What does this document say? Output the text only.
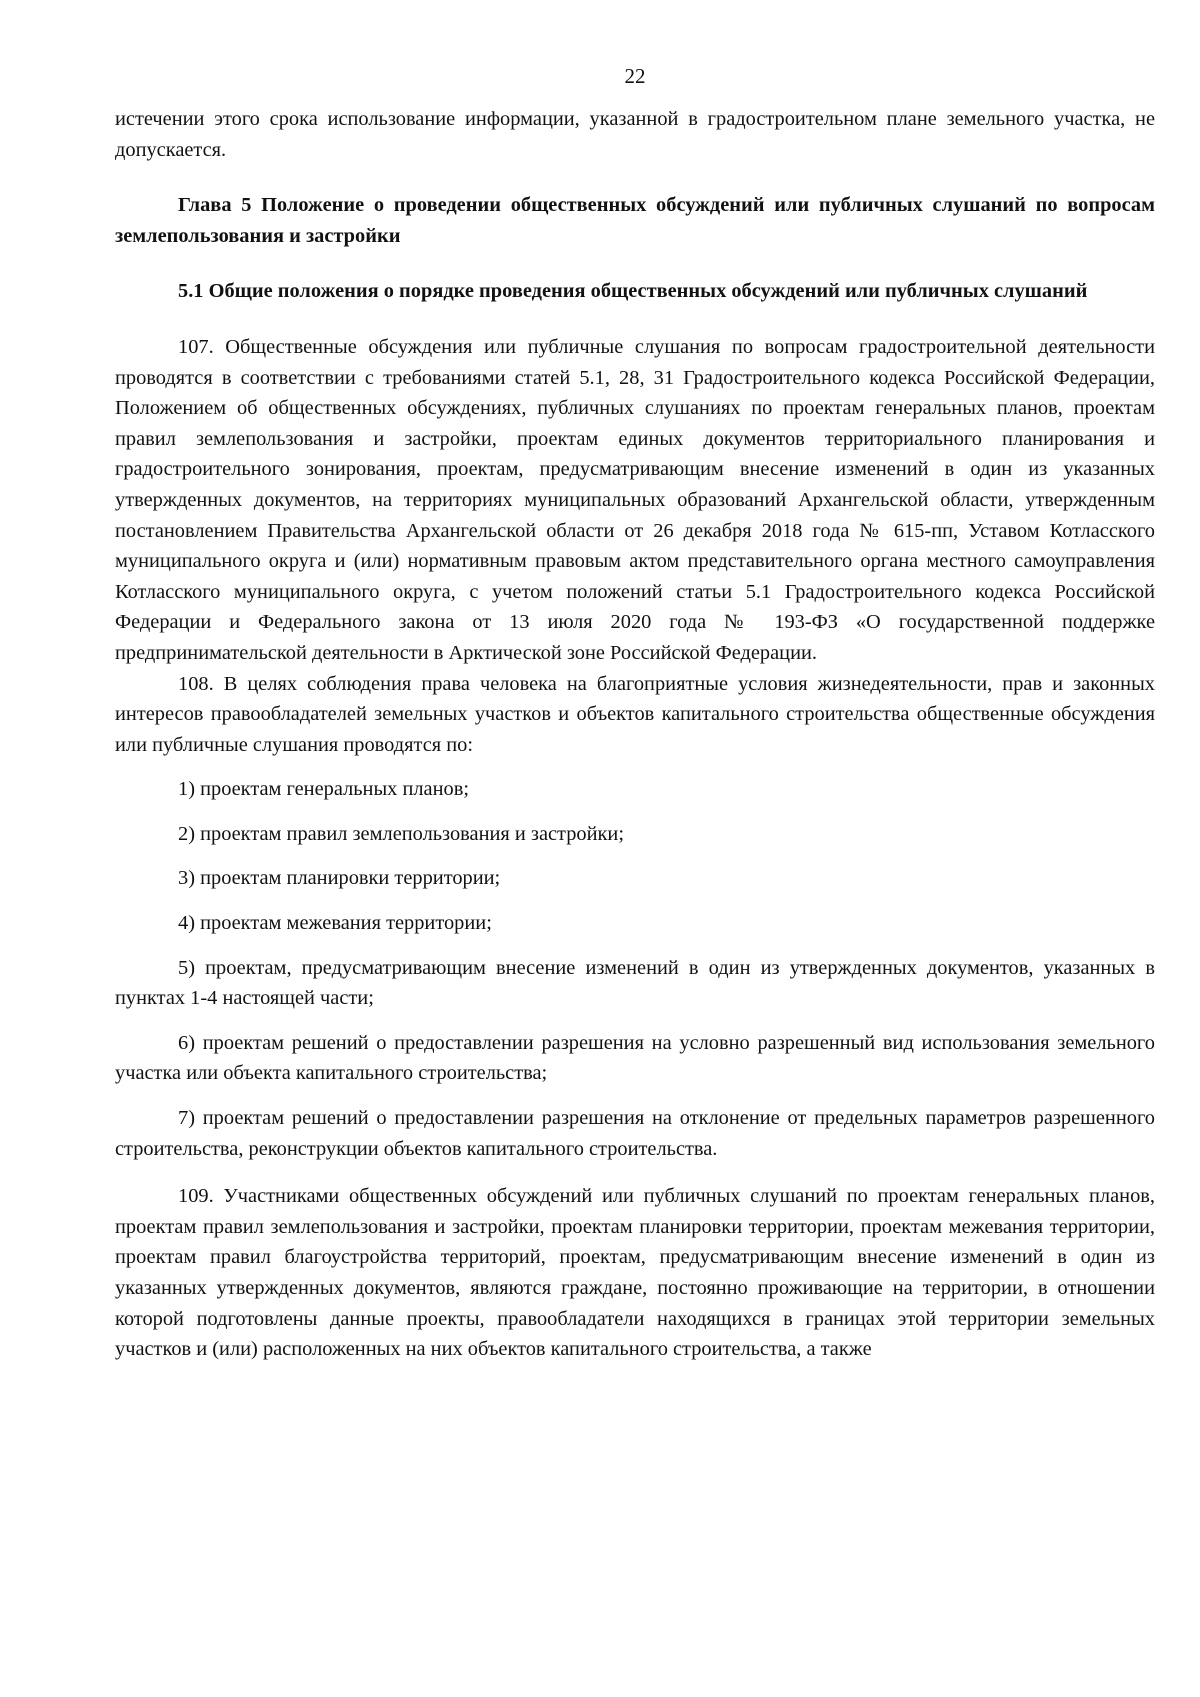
22

истечении этого срока использование информации, указанной в градостроительном плане земельного участка, не допускается.

Глава 5 Положение о проведении общественных обсуждений или публичных слушаний по вопросам землепользования и застройки

5.1 Общие положения о порядке проведения общественных обсуждений или публичных слушаний

107. Общественные обсуждения или публичные слушания по вопросам градостроительной деятельности проводятся в соответствии с требованиями статей 5.1, 28, 31 Градостроительного кодекса Российской Федерации, Положением об общественных обсуждениях, публичных слушаниях по проектам генеральных планов, проектам правил землепользования и застройки, проектам единых документов территориального планирования и градостроительного зонирования, проектам, предусматривающим внесение изменений в один из указанных утвержденных документов, на территориях муниципальных образований Архангельской области, утвержденным постановлением Правительства Архангельской области от 26 декабря 2018 года № 615-пп, Уставом Котласского муниципального округа и (или) нормативным правовым актом представительного органа местного самоуправления Котласского муниципального округа, с учетом положений статьи 5.1 Градостроительного кодекса Российской Федерации и Федерального закона от 13 июля 2020 года № 193-ФЗ «О государственной поддержке предпринимательской деятельности в Арктической зоне Российской Федерации.

108. В целях соблюдения права человека на благоприятные условия жизнедеятельности, прав и законных интересов правообладателей земельных участков и объектов капитального строительства общественные обсуждения или публичные слушания проводятся по:

1) проектам генеральных планов;

2) проектам правил землепользования и застройки;

3) проектам планировки территории;

4) проектам межевания территории;

5) проектам, предусматривающим внесение изменений в один из утвержденных документов, указанных в пунктах 1-4 настоящей части;

6) проектам решений о предоставлении разрешения на условно разрешенный вид использования земельного участка или объекта капитального строительства;

7) проектам решений о предоставлении разрешения на отклонение от предельных параметров разрешенного строительства, реконструкции объектов капитального строительства.

109. Участниками общественных обсуждений или публичных слушаний по проектам генеральных планов, проектам правил землепользования и застройки, проектам планировки территории, проектам межевания территории, проектам правил благоустройства территорий, проектам, предусматривающим внесение изменений в один из указанных утвержденных документов, являются граждане, постоянно проживающие на территории, в отношении которой подготовлены данные проекты, правообладатели находящихся в границах этой территории земельных участков и (или) расположенных на них объектов капитального строительства, а также
